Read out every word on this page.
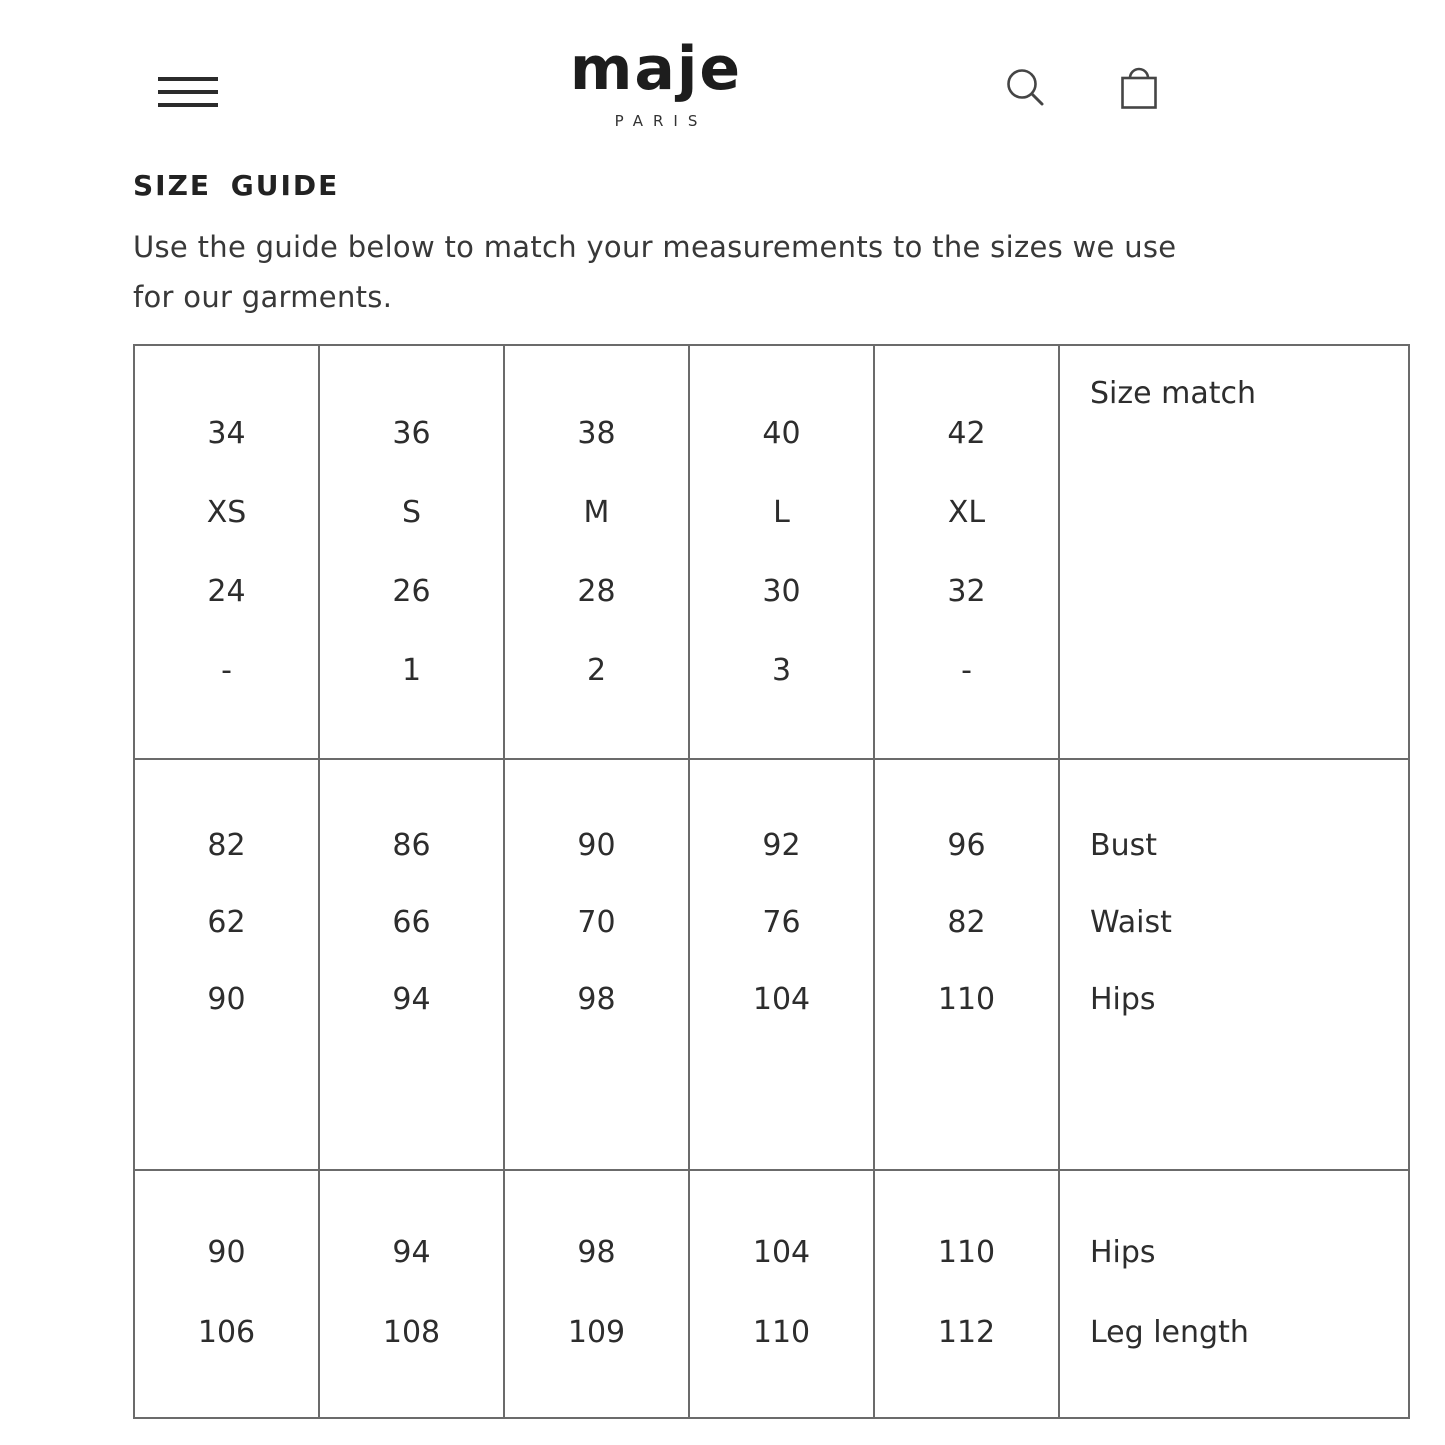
maje
PARIS
SIZE GUIDE
Use the guide below to match your measurements to the sizes we use
for our garments.
34
XS
24
-
36
S
26
1
38
M
28
2
40
L
30
3
42
XL
32
-
Size match
82
62
90
86
66
94
90
70
98
92
76
104
96
82
110
Bust
Waist
Hips
90
106
94
108
98
109
104
110
110
112
Hips
Leg length
